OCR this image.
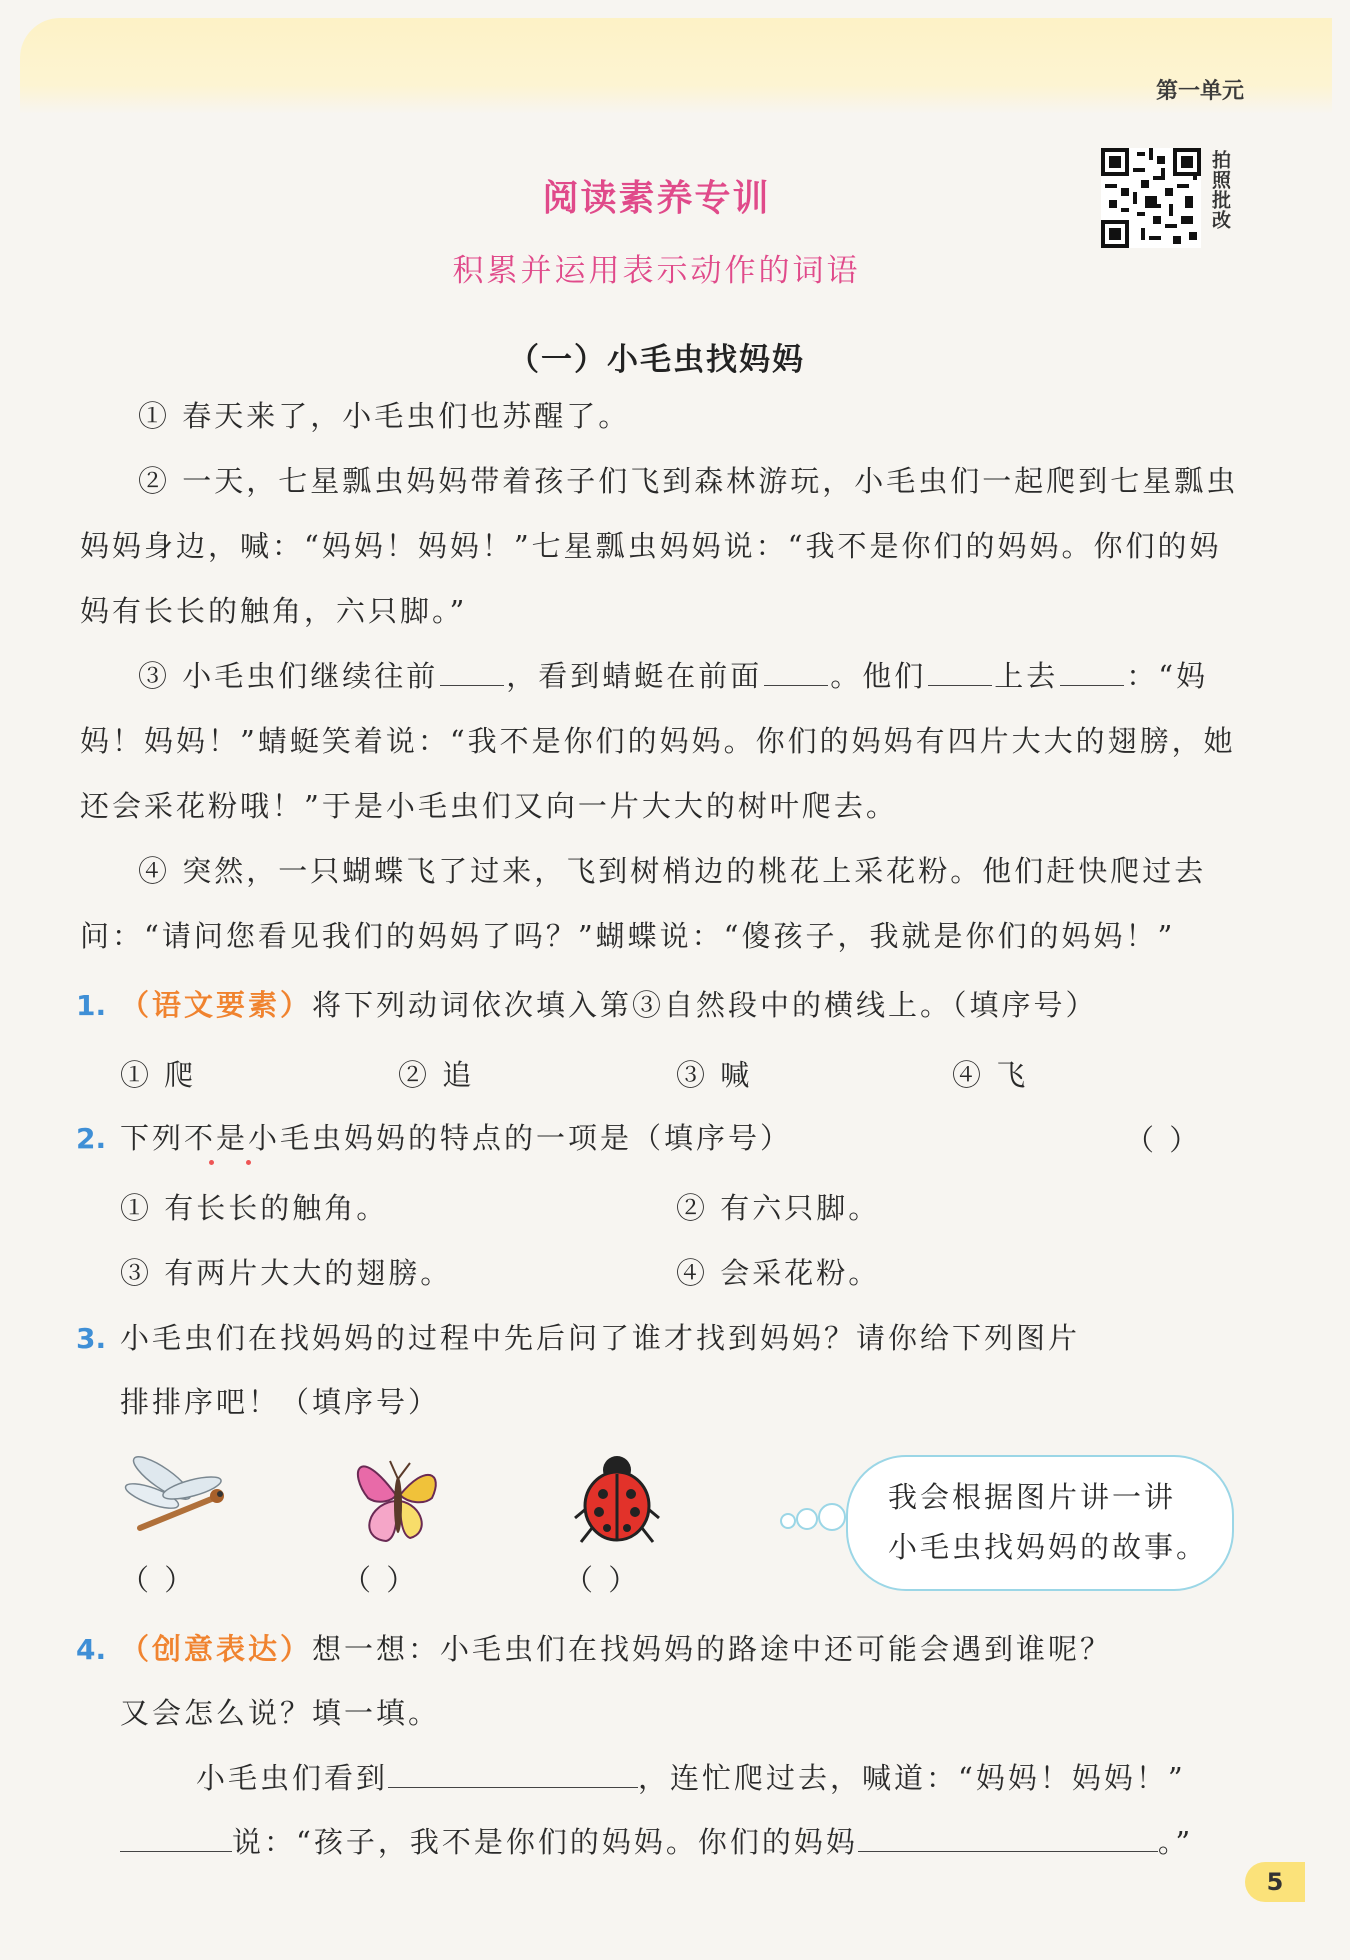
第一单元
拍照批改
阅读素养专训
积累并运用表示动作的词语
（一）小毛虫找妈妈
① 春天来了，小毛虫们也苏醒了。
② 一天，七星瓢虫妈妈带着孩子们飞到森林游玩，小毛虫们一起爬到七星瓢虫妈妈身边，喊：“妈妈！妈妈！”七星瓢虫妈妈说：“我不是你们的妈妈。你们的妈妈有长长的触角，六只脚。”
③ 小毛虫们继续往前 ，看到蜻蜓在前面 。他们 上去 ：“妈妈！妈妈！”蜻蜓笑着说：“我不是你们的妈妈。你们的妈妈有四片大大的翅膀，她还会采花粉哦！”于是小毛虫们又向一片大大的树叶爬去。
④ 突然，一只蝴蝶飞了过来，飞到树梢边的桃花上采花粉。他们赶快爬过去问：“请问您看见我们的妈妈了吗？”蝴蝶说：“傻孩子，我就是你们的妈妈！”
1. （语文要素）将下列动词依次填入第③自然段中的横线上。（填序号）
① 爬	② 追	③ 喊	④ 飞
2. 下列不是小毛虫妈妈的特点的一项是（填序号）	（ ）
① 有长长的触角。	② 有六只脚。
③ 有两片大大的翅膀。	④ 会采花粉。
3. 小毛虫们在找妈妈的过程中先后问了谁才找到妈妈？请你给下列图片
排排序吧！（填序号）
（ ）	（ ）	（ ）
我会根据图片讲一讲
小毛虫找妈妈的故事。
4. （创意表达）想一想：小毛虫们在找妈妈的路途中还可能会遇到谁呢？
又会怎么说？填一填。
小毛虫们看到	，连忙爬过去，喊道：“妈妈！妈妈！”
说：“孩子，我不是你们的妈妈。你们的妈妈	。”
5
